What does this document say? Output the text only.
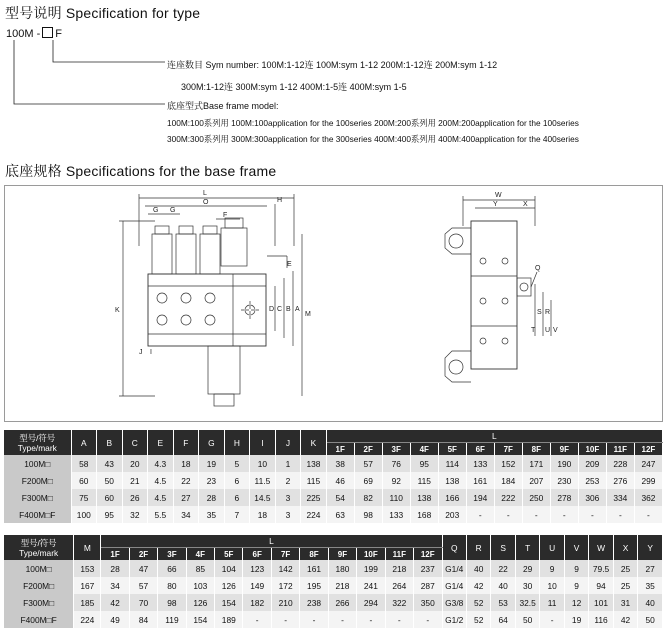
型号说明 Specification for type
100M - F
连座数目 Sym number: 100M:1-12连 100M:sym 1-12 200M:1-12连 200M:sym 1-12
300M:1-12连 300M:sym 1-12 400M:1-5连 400M:sym 1-5
底座型式Base frame model:
100M:100系列用 100M:100application for the 100series 200M:200系列用 200M:200application for the 100series
300M:300系列用 300M:300application for the 300series 400M:400系列用 400M:400application for the 400series
底座规格 Specifications for the base frame
L
O	H
G G
F
E
K
J I
D C B A
M
W
Y	X
Q
S R
T U V
型号/符号
Type/mark	A	B	C	E	F	G	H	I	J	K	L											
											1F	2F	3F	4F	5F	6F	7F	8F	9F	10F	11F	12F
100M□	58	43	20	4.3	18	19	5	10	1	138	38	57	76	95	114	133	152	171	190	209	228	247
F200M□	60	50	21	4.5	22	23	6	11.5	2	115	46	69	92	115	138	161	184	207	230	253	276	299
F300M□	75	60	26	4.5	27	28	6	14.5	3	225	54	82	110	138	166	194	222	250	278	306	334	362
F400M□F	100	95	32	5.5	34	35	7	18	3	224	63	98	133	168	203	-	-	-	-	-	-	-
型号/符号
Type/mark	M	L												Q	R	S	T	U	V	W	X	Y
		1F	2F	3F	4F	5F	6F	7F	8F	9F	10F	11F	12F									
100M□	153	28	47	66	85	104	123	142	161	180	199	218	237	G1/4	40	22	29	9	9	79.5	25	27
F200M□	167	34	57	80	103	126	149	172	195	218	241	264	287	G1/4	42	40	30	10	9	94	25	35
F300M□	185	42	70	98	126	154	182	210	238	266	294	322	350	G3/8	52	53	32.5	11	12	101	31	40
F400M□F	224	49	84	119	154	189	-	-	-	-	-	-	-	G1/2	52	64	50	-	19	116	42	50
